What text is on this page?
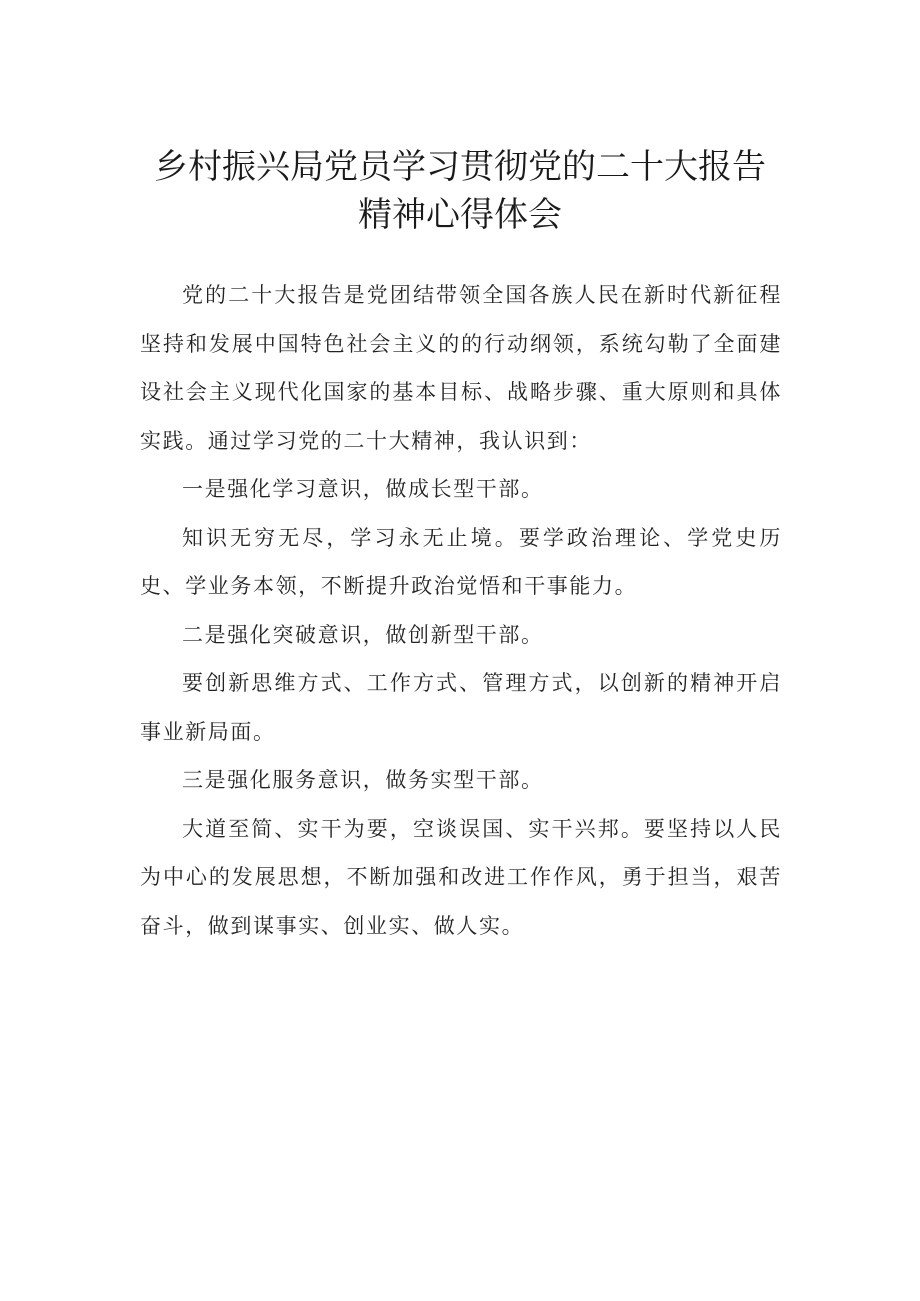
乡村振兴局党员学习贯彻党的二十大报告
精神心得体会

党的二十大报告是党团结带领全国各族人民在新时代新征程坚持和发展中国特色社会主义的的行动纲领，系统勾勒了全面建设社会主义现代化国家的基本目标、战略步骤、重大原则和具体实践。通过学习党的二十大精神，我认识到：

一是强化学习意识，做成长型干部。

知识无穷无尽，学习永无止境。要学政治理论、学党史历史、学业务本领，不断提升政治觉悟和干事能力。

二是强化突破意识，做创新型干部。

要创新思维方式、工作方式、管理方式，以创新的精神开启事业新局面。

三是强化服务意识，做务实型干部。

大道至简、实干为要，空谈误国、实干兴邦。要坚持以人民为中心的发展思想，不断加强和改进工作作风，勇于担当，艰苦奋斗，做到谋事实、创业实、做人实。
